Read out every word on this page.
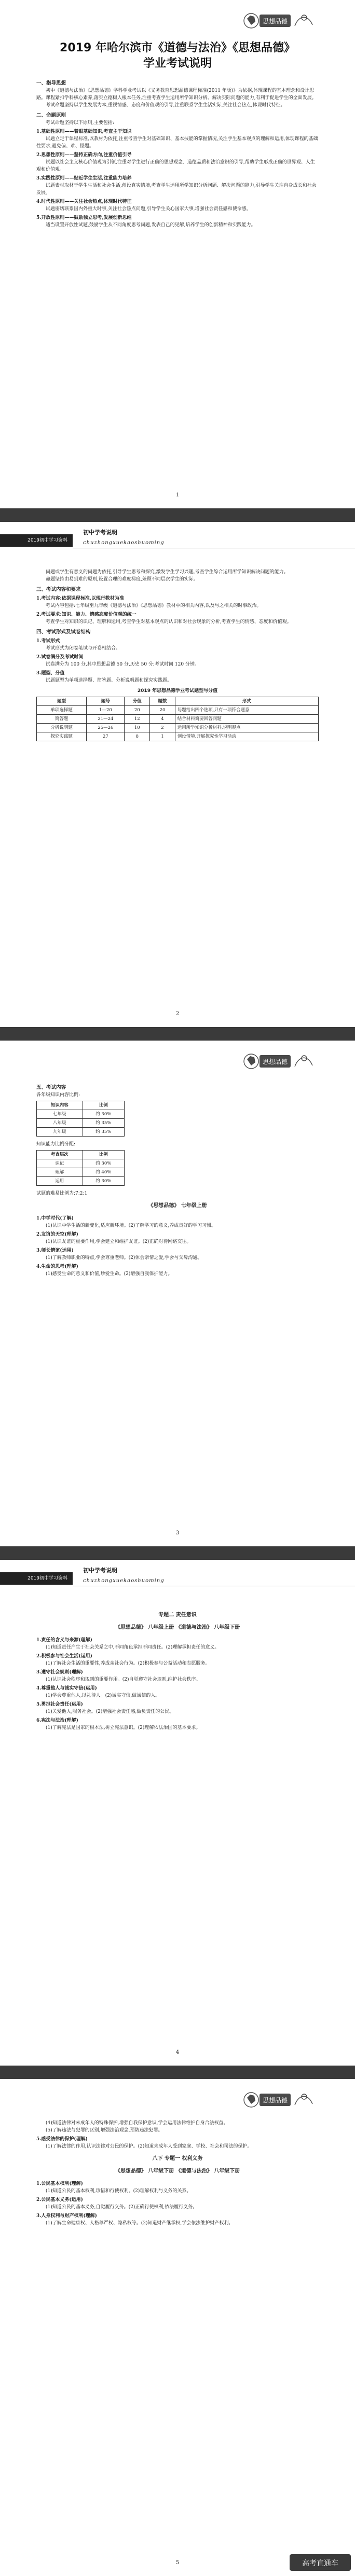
思想品德
2019 年哈尔滨市《道德与法治》《思想品德》
学业考试说明
一、指导思想

初中《道德与法治》《思想品德》学科学业考试以《义务教育思想品德课程标准(2011 年版)》为依据,体现课程的基本理念和设计思路。课程紧扣学科核心素养,落实立德树人根本任务,注重考查学生运用所学知识分析、解决实际问题的能力,有利于促进学生的全面发展。

考试命题坚持以学生发展为本,重视情感、态度和价值观的引导,注重联系学生生活实际,关注社会热点,体现时代特征。

二、命题原则

考试命题坚持以下原则,主要包括:

1.基础性原则——着眼基础知识,考查主干知识

试题立足于课程标准,以教材为依托,注重考查学生对基础知识、基本技能的掌握情况,关注学生基本观点的理解和运用,体现课程的基础性要求,避免偏、难、怪题。

2.思想性原则——坚持正确方向,注重价值引导

试题以社会主义核心价值观为引领,注重对学生进行正确的思想观念、道德品质和法治意识的引导,帮助学生形成正确的世界观、人生观和价值观。

3.实践性原则——贴近学生生活,注重能力培养

试题素材取材于学生生活和社会生活,创设真实情境,考查学生运用所学知识分析问题、解决问题的能力,引导学生关注自身成长和社会发展。

4.时代性原则——关注社会热点,体现时代特征

试题密切联系国内外重大时事,关注社会热点问题,引导学生关心国家大事,增强社会责任感和使命感。

5.开放性原则——鼓励独立思考,发展创新思维

适当设置开放性试题,鼓励学生从不同角度思考问题,发表自己的见解,培养学生的创新精神和实践能力。

1
2019初中学习资料
初中学考说明
chuzhongxuekaoshuoming

问题或学生有意义的问题为依托,引导学生思考和探究,激发学生学习兴趣,考查学生综合运用所学知识解决问题的能力。

命题坚持由易到难的原则,设置合理的难度梯度,兼顾不同层次学生的实际。

三、考试内容和要求
1.考试内容:依据课程标准,以现行教材为准

考试内容包括:七年级至九年级《道德与法治》《思想品德》教材中的相关内容,以及与之相关的时事政治。

2.考试要求:知识、能力、情感态度价值观的统一

考查学生对知识的识记、理解和运用,考查学生对基本观点的认识和对社会现象的分析,考查学生的情感、态度和价值观。

四、考试形式及试卷结构
1.考试形式

考试形式为闭卷笔试与开卷相结合。

2.试卷满分及考试时间

试卷满分为 100 分,其中思想品德 50 分,历史 50 分;考试时间 120 分钟。

3.题型、分值

试题题型为单项选择题、简答题、分析说明题和探究实践题。

2019 年思想品德学业考试题型与分值
题型	题号	分值	题数	形式
单项选择题	1—20	20	20	每题给出四个选项,只有一项符合题意
简答题	21—24	12	4	结合材料简要回答问题
分析说明题	25—26	10	2	运用所学知识分析材料,说明观点
探究实践题	27	8	1	创设情境,开展探究性学习活动
2
思想品德
五、考试内容

各年级知识内容比例:

知识内容	比例
七年级	约 30%
八年级	约 35%
九年级	约 35%

知识能力比例分配:

考查层次	比例
识记	约 30%
理解	约 40%
运用	约 30%

试题的难易比例为:7:2:1

《思想品德》 七年级上册
1.中学时代(了解)

(1)认识中学生活的新变化,适应新环境。(2)了解学习的意义,养成良好的学习习惯。

2.友谊的天空(理解)

(1)认识友谊的重要作用,学会建立和维护友谊。(2)正确对待网络交往。

3.师长情谊(运用)

(1)了解教师职业的特点,学会尊重老师。(2)体会亲情之爱,学会与父母沟通。

4.生命的思考(理解)

(1)感受生命的意义和价值,珍爱生命。(2)增强自我保护能力。

3
2019初中学习资料
初中学考说明
chuzhongxuekaoshuoming
专题二 责任意识
《思想品德》 八年级上册 《道德与法治》 八年级下册
1.责任的含义与来源(理解)

(1)知道责任产生于社会关系之中,不同角色承担不同责任。(2)理解承担责任的意义。

2.积极参与社会生活(运用)

(1)了解社会生活的重要性,养成亲社会行为。(2)积极参与公益活动和志愿服务。

3.遵守社会规则(理解)

(1)认识社会秩序和规则的重要作用。(2)自觉遵守社会规则,维护社会秩序。

4.尊重他人与诚实守信(运用)

(1)学会尊重他人,以礼待人。(2)诚实守信,做诚信的人。

5.勇担社会责任(运用)

(1)关爱他人,服务社会。(2)增强社会责任感,做负责任的公民。

6.宪法与法治(理解)

(1)了解宪法是国家的根本法,树立宪法意识。(2)理解依法治国的基本要求。

4
思想品德

(4)知道法律对未成年人的特殊保护,增强自我保护意识,学会运用法律维护自身合法权益。

(5)了解违法与犯罪的区别,增强法治观念,预防违法犯罪。

5.感受法律的保护(理解)

(1)了解法律的作用,认识法律对公民的保护。(2)知道未成年人受到家庭、学校、社会和司法的保护。

八下 专题一 权利义务
《思想品德》 八年级下册 《道德与法治》 八年级下册
1.公民基本权利(理解)

(1)知道公民的基本权利,珍惜和行使权利。(2)理解权利与义务的关系。

2.公民基本义务(运用)

(1)知道公民的基本义务,自觉履行义务。(2)正确行使权利,依法履行义务。

3.人身权利与财产权利(理解)

(1)了解生命健康权、人格尊严权、隐私权等。(2)知道财产继承权,学会依法维护财产权利。

5	高考直通车
